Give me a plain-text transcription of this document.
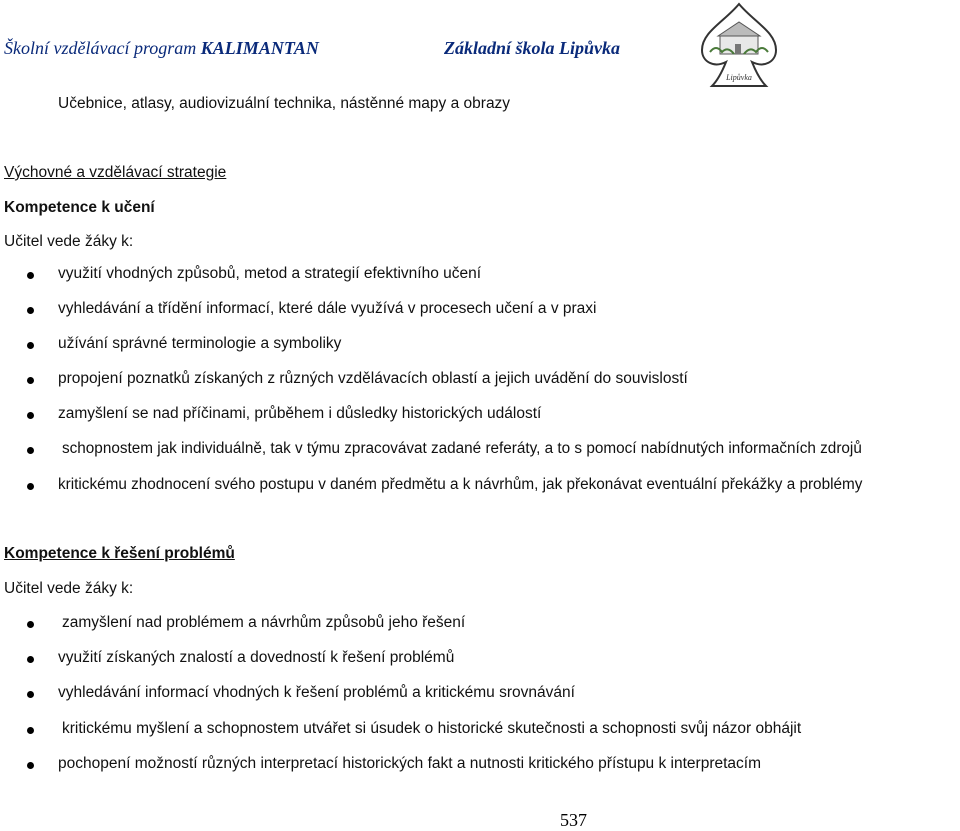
Školní vzdělávací program KALIMANTAN	Základní škola Lipůvka
Lipůvka
Učebnice, atlasy, audiovizuální technika, nástěnné mapy a obrazy
Výchovné a vzdělávací strategie
Kompetence k učení
Učitel vede žáky k:
využití vhodných způsobů, metod a strategií efektivního učení
vyhledávání a třídění informací, které dále využívá v procesech učení a v praxi
užívání správné terminologie a symboliky
propojení poznatků získaných z různých vzdělávacích oblastí a jejich uvádění do souvislostí
zamyšlení se nad příčinami, průběhem i důsledky historických událostí
schopnostem jak individuálně, tak v týmu zpracovávat zadané referáty, a to s pomocí nabídnutých informačních zdrojů
kritickému zhodnocení svého postupu v daném předmětu a k návrhům, jak překonávat eventuální překážky a problémy
Kompetence k řešení problémů
Učitel vede žáky k:
zamyšlení nad problémem a návrhům způsobů jeho řešení
využití získaných znalostí a dovedností k řešení problémů
vyhledávání informací vhodných k řešení problémů a kritickému srovnávání
kritickému myšlení a schopnostem utvářet si úsudek o historické skutečnosti a schopnosti svůj názor obhájit
pochopení možností různých interpretací historických fakt a nutnosti kritického přístupu k interpretacím
537
